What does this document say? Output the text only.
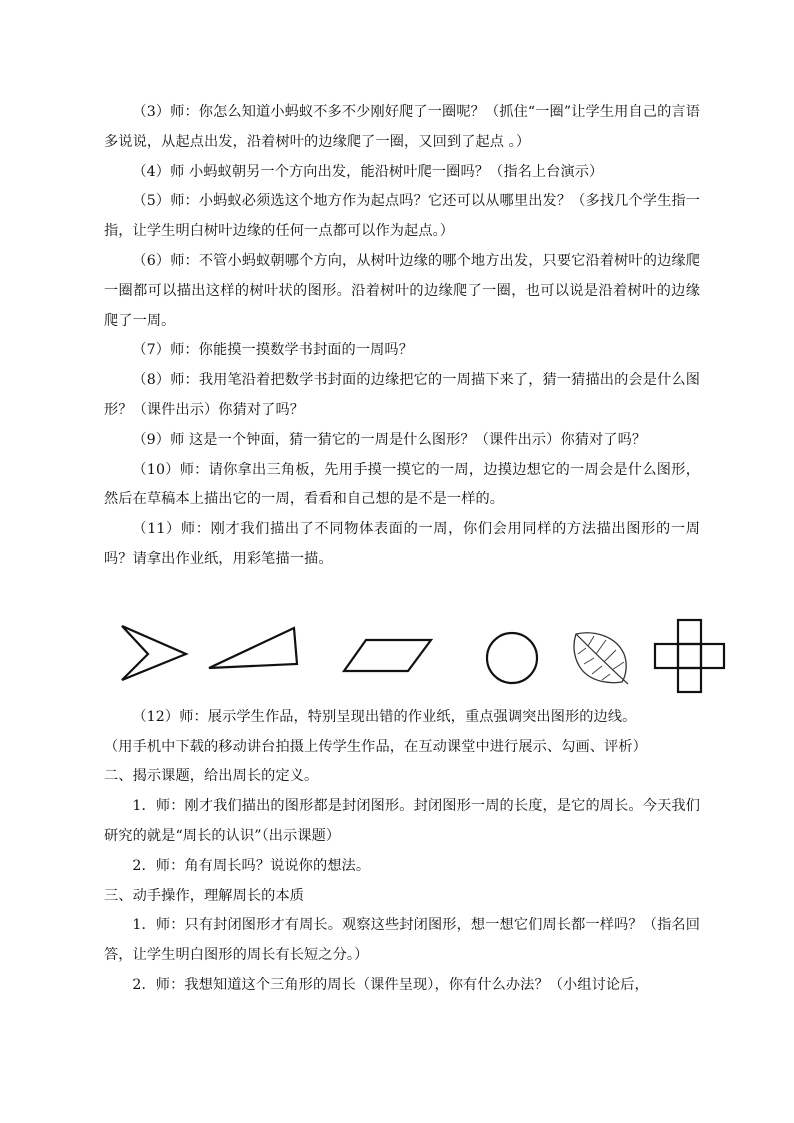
（3）师：你怎么知道小蚂蚁不多不少刚好爬了一圈呢？（抓住“一圈”让学生用自己的言语多说说，从起点出发，沿着树叶的边缘爬了一圈，又回到了起点 。）

（4）师 小蚂蚁朝另一个方向出发，能沿树叶爬一圈吗？（指名上台演示）

（5）师：小蚂蚁必须选这个地方作为起点吗？它还可以从哪里出发？（多找几个学生指一指，让学生明白树叶边缘的任何一点都可以作为起点。）

（6）师：不管小蚂蚁朝哪个方向，从树叶边缘的哪个地方出发，只要它沿着树叶的边缘爬一圈都可以描出这样的树叶状的图形。沿着树叶的边缘爬了一圈，也可以说是沿着树叶的边缘爬了一周。

（7）师：你能摸一摸数学书封面的一周吗？

（8）师：我用笔沿着把数学书封面的边缘把它的一周描下来了，猜一猜描出的会是什么图形？（课件出示）你猜对了吗？

（9）师 这是一个钟面，猜一猜它的一周是什么图形？（课件出示）你猜对了吗？

（10）师：请你拿出三角板，先用手摸一摸它的一周，边摸边想它的一周会是什么图形，然后在草稿本上描出它的一周，看看和自己想的是不是一样的。

（11）师：刚才我们描出了不同物体表面的一周，你们会用同样的方法描出图形的一周吗？请拿出作业纸，用彩笔描一描。

（12）师：展示学生作品，特别呈现出错的作业纸，重点强调突出图形的边线。

（用手机中下载的移动讲台拍摄上传学生作品，在互动课堂中进行展示、勾画、评析）

二、揭示课题，给出周长的定义。

1．师：刚才我们描出的图形都是封闭图形。封闭图形一周的长度，是它的周长。今天我们研究的就是“周长的认识”（出示课题）

2．师：角有周长吗？说说你的想法。

三、动手操作，理解周长的本质

1．师：只有封闭图形才有周长。观察这些封闭图形，想一想它们周长都一样吗？（指名回答，让学生明白图形的周长有长短之分。）

2．师：我想知道这个三角形的周长（课件呈现），你有什么办法？（小组讨论后，
